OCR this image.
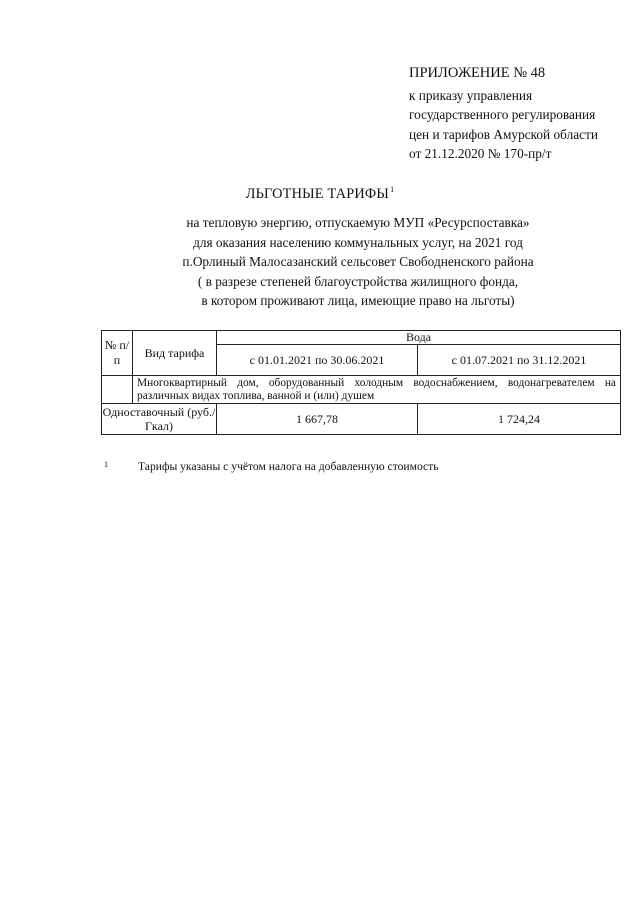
ПРИЛОЖЕНИЕ № 48
к приказу управления
государственного регулирования
цен и тарифов Амурской области
от 21.12.2020 № 170-пр/т
ЛЬГОТНЫЕ ТАРИФЫ$^1$
на тепловую энергию, отпускаемую МУП «Ресурспоставка»
для оказания населению коммунальных услуг, на 2021 год
п.Орлиный Малосазанский сельсовет Свободненского района
( в разрезе степеней благоустройства жилищного фонда,
в котором проживают лица, имеющие право на льготы)
№ п/п	Вид тарифа	Вода	
		с 01.01.2021 по 30.06.2021	с 01.07.2021 по 31.12.2021
	Многоквартирный дом, оборудованный холодным водоснабжением, водонагревателем на различных видах топлива, ванной и (или) душем		
Одноставочный (руб./Гкал)		1 667,78	1 724,24
1	Тарифы указаны с учётом налога на добавленную стоимость
